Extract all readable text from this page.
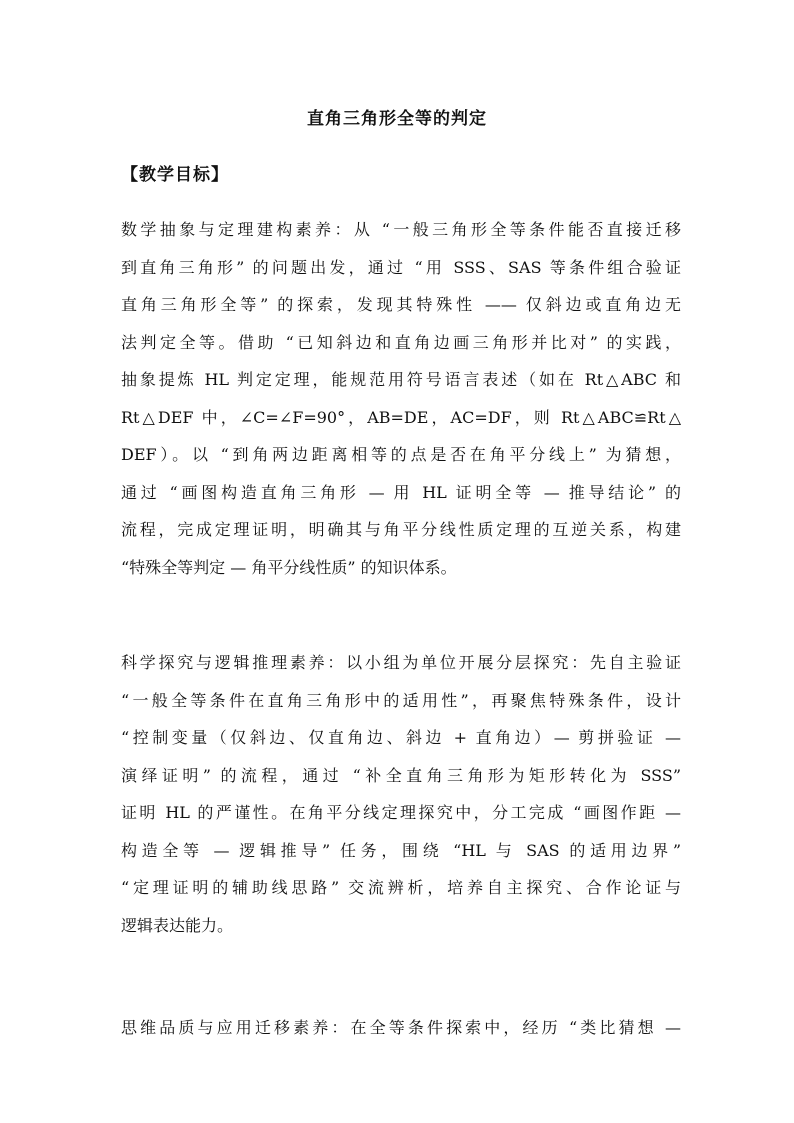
直角三角形全等的判定
【教学目标】
数学抽象与定理建构素养：从 “一般三角形全等条件能否直接迁移
到直角三角形” 的问题出发，通过 “用 SSS、SAS 等条件组合验证
直角三角形全等” 的探索，发现其特殊性 —— 仅斜边或直角边无
法判定全等。借助 “已知斜边和直角边画三角形并比对” 的实践，
抽象提炼 HL 判定定理，能规范用符号语言表述（如在 Rt△ABC 和
Rt△DEF 中，∠C=∠F=90°，AB=DE，AC=DF，则 Rt△ABC≌Rt△
DEF）。以 “到角两边距离相等的点是否在角平分线上” 为猜想，
通过 “画图构造直角三角形 — 用 HL 证明全等 — 推导结论” 的
流程，完成定理证明，明确其与角平分线性质定理的互逆关系，构建
“特殊全等判定 — 角平分线性质” 的知识体系。
科学探究与逻辑推理素养：以小组为单位开展分层探究：先自主验证
“一般全等条件在直角三角形中的适用性”，再聚焦特殊条件，设计
“控制变量（仅斜边、仅直角边、斜边 + 直角边）— 剪拼验证 —
演绎证明” 的流程，通过 “补全直角三角形为矩形转化为 SSS”
证明 HL 的严谨性。在角平分线定理探究中，分工完成 “画图作距 —
构造全等 — 逻辑推导” 任务，围绕 “HL 与 SAS 的适用边界”
“定理证明的辅助线思路” 交流辨析，培养自主探究、合作论证与
逻辑表达能力。
思维品质与应用迁移素养：在全等条件探索中，经历 “类比猜想 —
